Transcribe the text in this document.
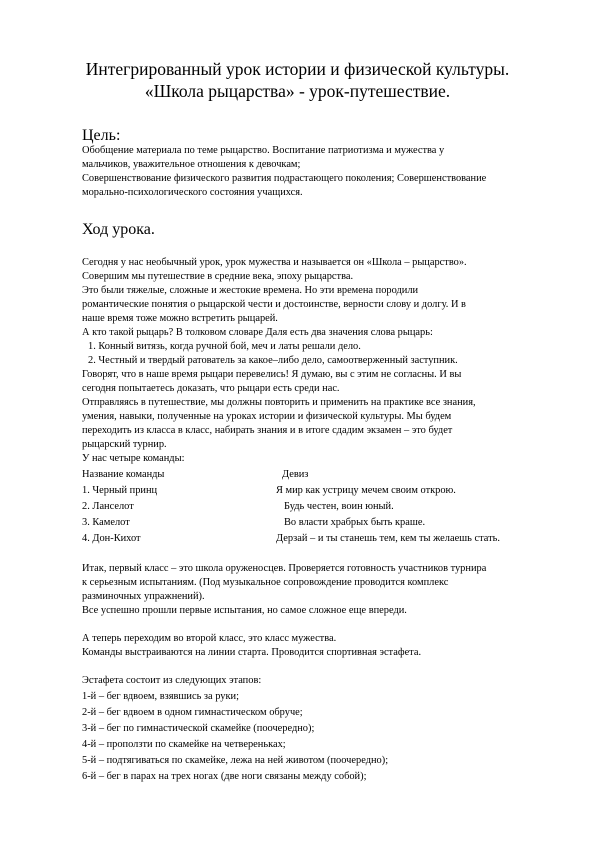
Интегрированный урок истории и физической культуры.
«Школа рыцарства» - урок-путешествие.
Цель:
Обобщение материала по теме рыцарство. Воспитание патриотизма и мужества у
мальчиков, уважительное отношения к девочкам;
Совершенствование физического развития подрастающего поколения; Совершенствование
морально-психологического состояния учащихся.
Ход урока.
Сегодня у нас необычный урок, урок мужества и называется он «Школа – рыцарство».
Совершим мы путешествие в средние века, эпоху рыцарства.
Это были тяжелые, сложные и жестокие времена. Но эти времена породили
романтические понятия о рыцарской чести и достоинстве, верности слову и долгу. И в
наше время тоже можно встретить рыцарей.
А кто такой рыцарь? В толковом словаре Даля есть два значения слова рыцарь:
1. Конный витязь, когда ручной бой, меч и латы решали дело.
2. Честный и твердый ратователь за какое–либо дело, самоотверженный заступник.
Говорят, что в наше время рыцари перевелись! Я думаю, вы с этим не согласны. И вы
сегодня попытаетесь доказать, что рыцари есть среди нас.
Отправляясь в путешествие, мы должны повторить и применить на практике все знания,
умения, навыки, полученные на уроках истории и физической культуры. Мы будем
переходить из класса в класс, набирать знания и в итоге сдадим экзамен – это будет
рыцарский турнир.
У нас четыре команды:
Название команды	Девиз
1. Черный принц	Я мир как устрицу мечем своим открою.
2. Ланселот	Будь честен, воин юный.
3. Камелот	Во власти храбрых быть краше.
4. Дон-Кихот	Дерзай – и ты станешь тем, кем ты желаешь стать.
Итак, первый класс – это школа оруженосцев. Проверяется готовность участников турнира
к серьезным испытаниям. (Под музыкальное сопровождение проводится комплекс
разминочных упражнений).
Все успешно прошли первые испытания, но самое сложное еще впереди.
А теперь переходим во второй класс, это класс мужества.
Команды выстраиваются на линии старта. Проводится спортивная эстафета.
Эстафета состоит из следующих этапов:
1-й – бег вдвоем, взявшись за руки;
2-й – бег вдвоем в одном гимнастическом обруче;
3-й – бег по гимнастической скамейке (поочередно);
4-й – проползти по скамейке на четвереньках;
5-й – подтягиваться по скамейке, лежа на ней животом (поочередно);
6-й – бег в парах на трех ногах (две ноги связаны между собой);
